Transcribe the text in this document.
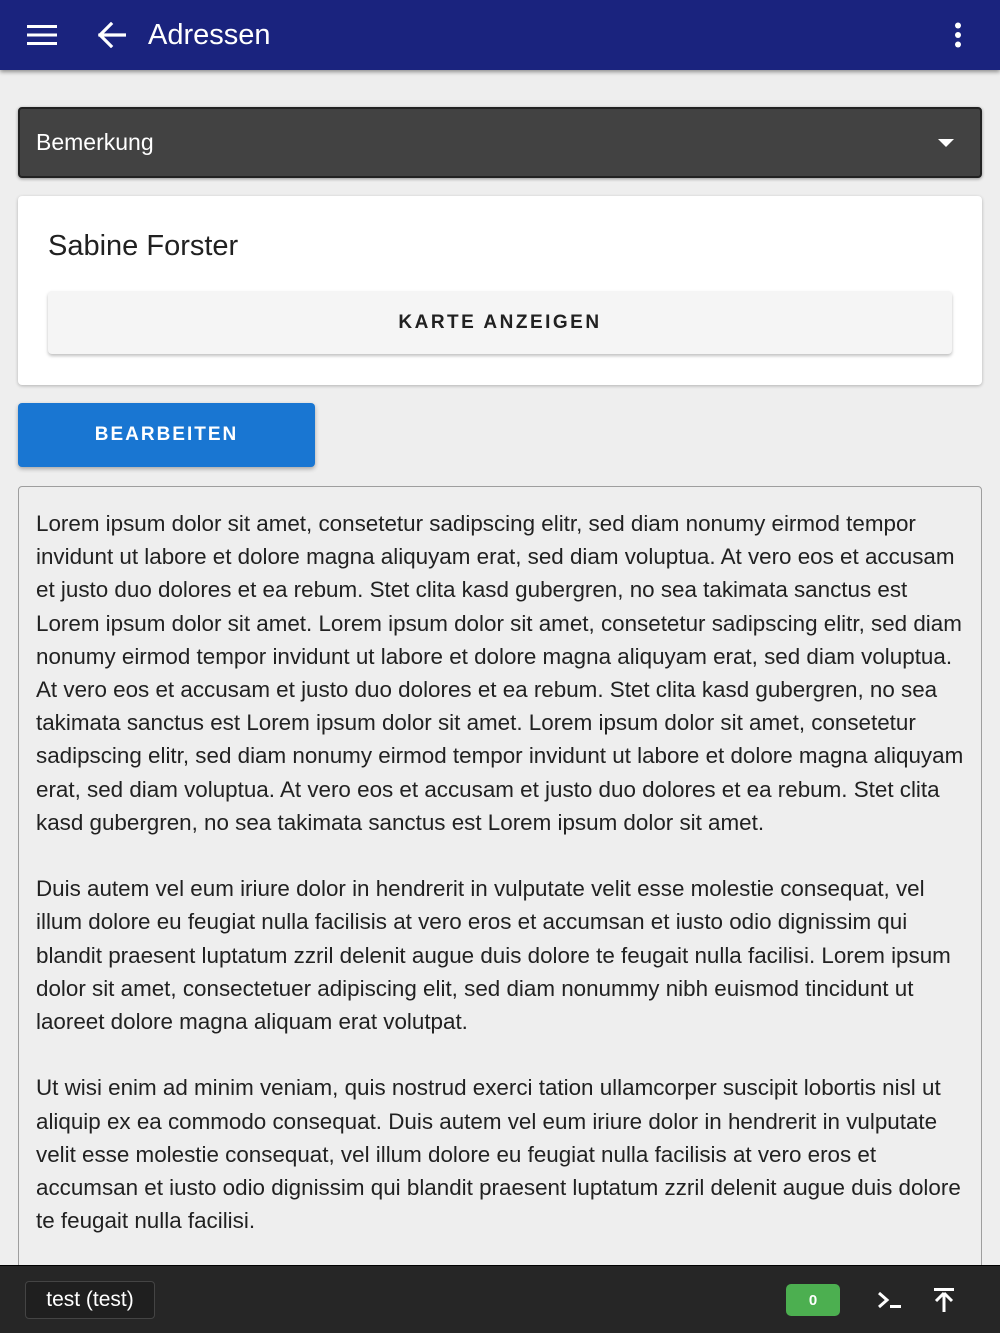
Adressen
Bemerkung
Sabine Forster
KARTE ANZEIGEN
BEARBEITEN

Lorem ipsum dolor sit amet, consetetur sadipscing elitr, sed diam nonumy eirmod tempor invidunt ut labore et dolore magna aliquyam erat, sed diam voluptua. At vero eos et accusam et justo duo dolores et ea rebum. Stet clita kasd gubergren, no sea takimata sanctus est Lorem ipsum dolor sit amet. Lorem ipsum dolor sit amet, consetetur sadipscing elitr, sed diam nonumy eirmod tempor invidunt ut labore et dolore magna aliquyam erat, sed diam voluptua. At vero eos et accusam et justo duo dolores et ea rebum. Stet clita kasd gubergren, no sea takimata sanctus est Lorem ipsum dolor sit amet. Lorem ipsum dolor sit amet, consetetur sadipscing elitr, sed diam nonumy eirmod tempor invidunt ut labore et dolore magna aliquyam erat, sed diam voluptua. At vero eos et accusam et justo duo dolores et ea rebum. Stet clita kasd gubergren, no sea takimata sanctus est Lorem ipsum dolor sit amet.

Duis autem vel eum iriure dolor in hendrerit in vulputate velit esse molestie consequat, vel illum dolore eu feugiat nulla facilisis at vero eros et accumsan et iusto odio dignissim qui blandit praesent luptatum zzril delenit augue duis dolore te feugait nulla facilisi. Lorem ipsum dolor sit amet, consectetuer adipiscing elit, sed diam nonummy nibh euismod tincidunt ut laoreet dolore magna aliquam erat volutpat.

Ut wisi enim ad minim veniam, quis nostrud exerci tation ullamcorper suscipit lobortis nisl ut aliquip ex ea commodo consequat. Duis autem vel eum iriure dolor in hendrerit in vulputate velit esse molestie consequat, vel illum dolore eu feugiat nulla facilisis at vero eros et accumsan et iusto odio dignissim qui blandit praesent luptatum zzril delenit augue duis dolore te feugait nulla facilisi.

test (test)	0
